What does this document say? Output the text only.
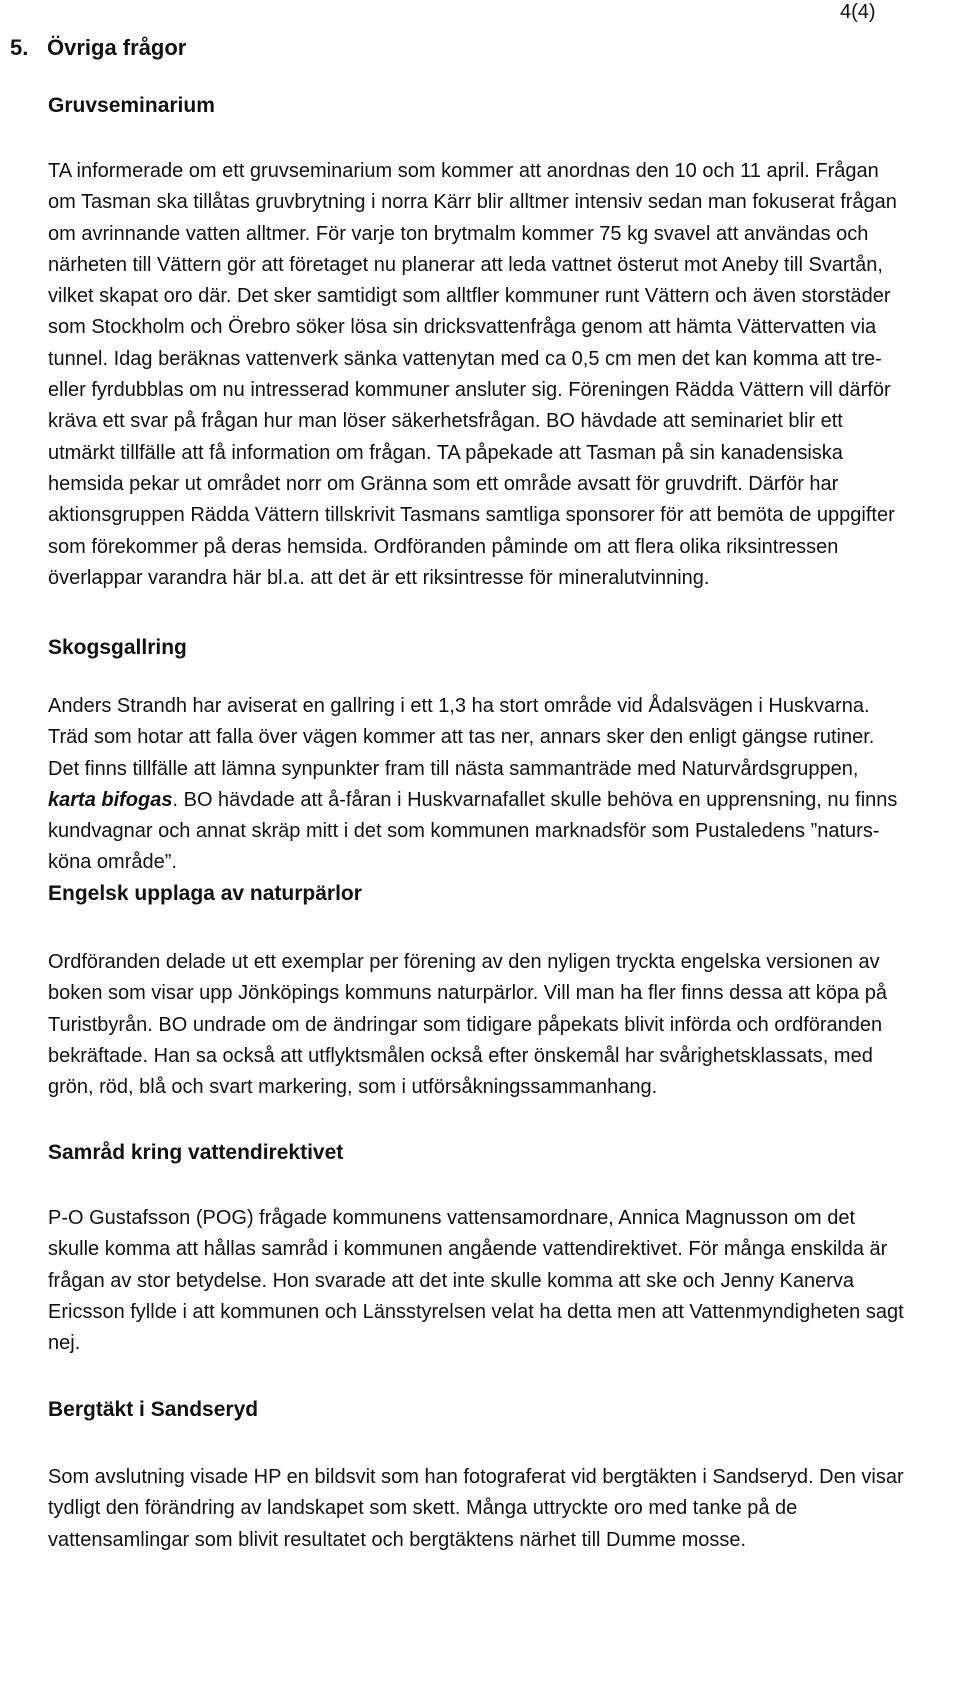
4(4)
5. Övriga frågor
Gruvseminarium

TA informerade om ett gruvseminarium som kommer att anordnas den 10 och 11 april. Frågan om Tasman ska tillåtas gruvbrytning i norra Kärr blir alltmer intensiv sedan man fokuserat frågan om avrinnande vatten alltmer. För varje ton brytmalm kommer 75 kg svavel att användas och närheten till Vättern gör att företaget nu planerar att leda vattnet österut mot Aneby till Svartån, vilket skapat oro där. Det sker samtidigt som alltfler kommuner runt Vättern och även storstäder som Stockholm och Örebro söker lösa sin dricksvattenfråga genom att hämta Vättervatten via tunnel. Idag beräknas vattenverk sänka vattenytan med ca 0,5 cm men det kan komma att tre-eller fyrdubblas om nu intresserad kommuner ansluter sig. Föreningen Rädda Vättern vill därför kräva ett svar på frågan hur man löser säkerhetsfrågan. BO hävdade att seminariet blir ett utmärkt tillfälle att få information om frågan. TA påpekade att Tasman på sin kanadensiska hemsida pekar ut området norr om Gränna som ett område avsatt för gruvdrift. Därför har aktionsgruppen Rädda Vättern tillskrivit Tasmans samtliga sponsorer för att bemöta de uppgifter som förekommer på deras hemsida. Ordföranden påminde om att flera olika riksintressen överlappar varandra här bl.a. att det är ett riksintresse för mineralutvinning.

Skogsgallring

Anders Strandh har aviserat en gallring i ett 1,3 ha stort område vid Ådalsvägen i Huskvarna. Träd som hotar att falla över vägen kommer att tas ner, annars sker den enligt gängse rutiner. Det finns tillfälle att lämna synpunkter fram till nästa sammanträde med Naturvårdsgruppen, karta bifogas. BO hävdade att å-fåran i Huskvarnafallet skulle behöva en upprensning, nu finns kundvagnar och annat skräp mitt i det som kommunen marknadsför som Pustaledens ”natursköna område”.

Engelsk upplaga av naturpärlor

Ordföranden delade ut ett exemplar per förening av den nyligen tryckta engelska versionen av boken som visar upp Jönköpings kommuns naturpärlor. Vill man ha fler finns dessa att köpa på Turistbyrån. BO undrade om de ändringar som tidigare påpekats blivit införda och ordföranden bekräftade. Han sa också att utflyktsmålen också efter önskemål har svårighetsklassats, med grön, röd, blå och svart markering, som i utförsåkningssammanhang.

Samråd kring vattendirektivet

P-O Gustafsson (POG) frågade kommunens vattensamordnare, Annica Magnusson om det skulle komma att hållas samråd i kommunen angående vattendirektivet. För många enskilda är frågan av stor betydelse. Hon svarade att det inte skulle komma att ske och Jenny Kanerva Ericsson fyllde i att kommunen och Länsstyrelsen velat ha detta men att Vattenmyndigheten sagt nej.

Bergtäkt i Sandseryd

Som avslutning visade HP en bildsvit som han fotograferat vid bergtäkten i Sandseryd. Den visar tydligt den förändring av landskapet som skett. Många uttryckte oro med tanke på de vattensamlingar som blivit resultatet och bergtäktens närhet till Dumme mosse.
